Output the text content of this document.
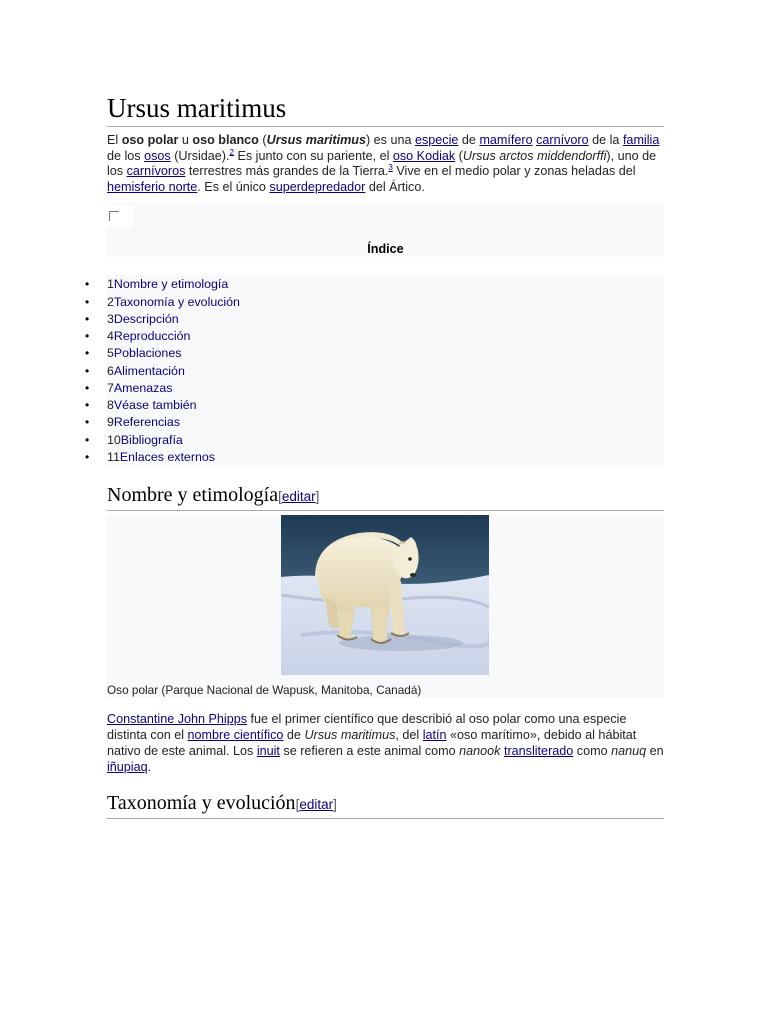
Ursus maritimus

El oso polar u oso blanco (Ursus maritimus) es una especie de mamífero carnívoro de la familia de los osos (Ursidae).$^2$ Es junto con su pariente, el oso Kodiak (Ursus arctos middendorffi), uno de los carnívoros terrestres más grandes de la Tierra.$^3$ Vive en el medio polar y zonas heladas del hemisferio norte. Es el único superdepredador del Ártico.

Índice
• 1Nombre y etimología
• 2Taxonomía y evolución
• 3Descripción
• 4Reproducción
• 5Poblaciones
• 6Alimentación
• 7Amenazas
• 8Véase también
• 9Referencias
• 10Bibliografía
• 11Enlaces externos
Nombre y etimología[editar]
Oso polar (Parque Nacional de Wapusk, Manitoba, Canadá)

Constantine John Phipps fue el primer científico que describió al oso polar como una especie distinta con el nombre científico de Ursus maritimus, del latín «oso marítimo», debido al hábitat nativo de este animal. Los inuit se refieren a este animal como nanook transliterado como nanuq en iñupiaq.

Taxonomía y evolución[editar]
